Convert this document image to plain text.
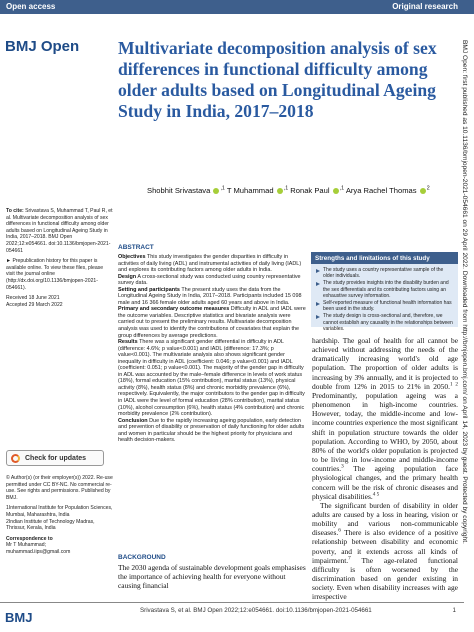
Open access	Original research
BMJ Open Multivariate decomposition analysis of sex differences in functional difficulty among older adults based on Longitudinal Ageing Study in India, 2017–2018
Shobhit Srivastava $^{,1}$ T Muhammad $^{,1}$ Ronak Paul $^{,1}$ Arya Rachel Thomas $^2$

To cite: Srivastava S, Muhammad T, Paul R, et al. Multivariate decomposition analysis of sex differences in functional difficulty among older adults based on Longitudinal Ageing Study in India, 2017–2018. BMJ Open 2022;12:e054661. doi:10.1136/bmjopen-2021-054661

► Prepublication history for this paper is available online. To view these files, please visit the journal online (http://dx.doi.org/10.1136/bmjopen-2021-054661).

Received 18 June 2021

Accepted 29 March 2022

Check for updates

© Author(s) (or their employer(s)) 2022. Re-use permitted under CC BY-NC. No commercial re-use. See rights and permissions. Published by BMJ.

1International Institute for Population Sciences, Mumbai, Maharashtra, India

2Indian Institute of Technology Madras, Thrissur, Kerala, India

Correspondence to

Mr T Muhammad;

muhammad.iips@gmail.com

ABSTRACT

Objectives This study investigates the gender disparities in difficulty in activities of daily living (ADL) and instrumental activities of daily living (IADL) and explores its contributing factors among older adults in India.

Design A cross-sectional study was conducted using country representative survey data.

Setting and participants The present study uses the data from the Longitudinal Ageing Study in India, 2017–2018. Participants included 15 098 male and 16 366 female older adults aged 60 years and above in India.

Primary and secondary outcome measures Difficulty in ADL and IADL were the outcome variables. Descriptive statistics and bivariate analysis were carried out to present the preliminary results. Multivariate decomposition analysis was used to identify the contributions of covariates that explain the group differences by average predictions.

Results There was a significant gender differential in difficulty in ADL (difference: 4.6%; p value<0.001) and IADL (difference: 17.3%; p value<0.001). The multivariate analysis also shows significant gender inequality in difficulty in ADL (coefficient: 0.046; p value<0.001) and IADL (coefficient: 0.051; p value<0.001). The majority of the gender gap in difficulty in ADL was accounted by the male–female difference in levels of work status (18%), formal education (15% contribution), marital status (13%), physical activity (8%), health status (8%) and chronic morbidity prevalence (6%), respectively. Equivalently, the major contributors to the gender gap in difficulty in IADL were the level of formal education (28% contribution), marital status (10%), alcohol consumption (6%), health status (4% contribution) and chronic morbidity prevalence (2% contribution).

Conclusion Due to the rapidly increasing ageing population, early detection and prevention of disability or preservation of daily functioning for older adults and women in particular should be the highest priority for physicians and health decision-makers.

Strengths and limitations of this study
The study uses a country representative sample of the older individuals.
The study provides insights into the disability burden and the sex differentials and its contributing factors using an exhaustive survey information.
Self-reported measure of functional health information has been used in the study.
The study design is cross-sectional and, therefore, we cannot establish any causality in the relationships between variables.

hardship. The goal of health for all cannot be achieved without addressing the needs of the dramatically increasing world's old age population. The proportion of older adults is increasing by 3% annually, and it is projected to double from 12% in 2015 to 21% in 2050.$^{1 2}$ Predominantly, population ageing was a phenomenon in high-income countries. However, today, the middle-income and low-income countries experience the most significant shift in population structure towards the older population. According to WHO, by 2050, about 80% of the world's older population is projected to be living in low-income and middle-income countries.$^3$ The ageing population face physiological changes, and the primary health concern will be the risk of chronic diseases and physical disabilities.$^{4 5}$

The significant burden of disability in older adults are caused by a loss in hearing, vision or mobility and various non-communicable diseases.$^6$ There is also evidence of a positive relationship between disability and economic poverty, and it extends across all kinds of impairment.$^7$ The age-related functional difficulty is often worsened by the discrimination based on gender existing in society. Even when disability increases with age irrespective

BACKGROUND
The 2030 agenda of sustainable development goals emphasises the importance of achieving health for everyone without causing financial
BMJ	Srivastava S, et al. BMJ Open 2022;12:e054661. doi:10.1136/bmjopen-2021-054661	1
BMJ Open: first published as 10.1136/bmjopen-2021-054661 on 29 April 2022. Downloaded from http://bmjopen.bmj.com/ on April 14, 2023 by guest. Protected by copyright.
